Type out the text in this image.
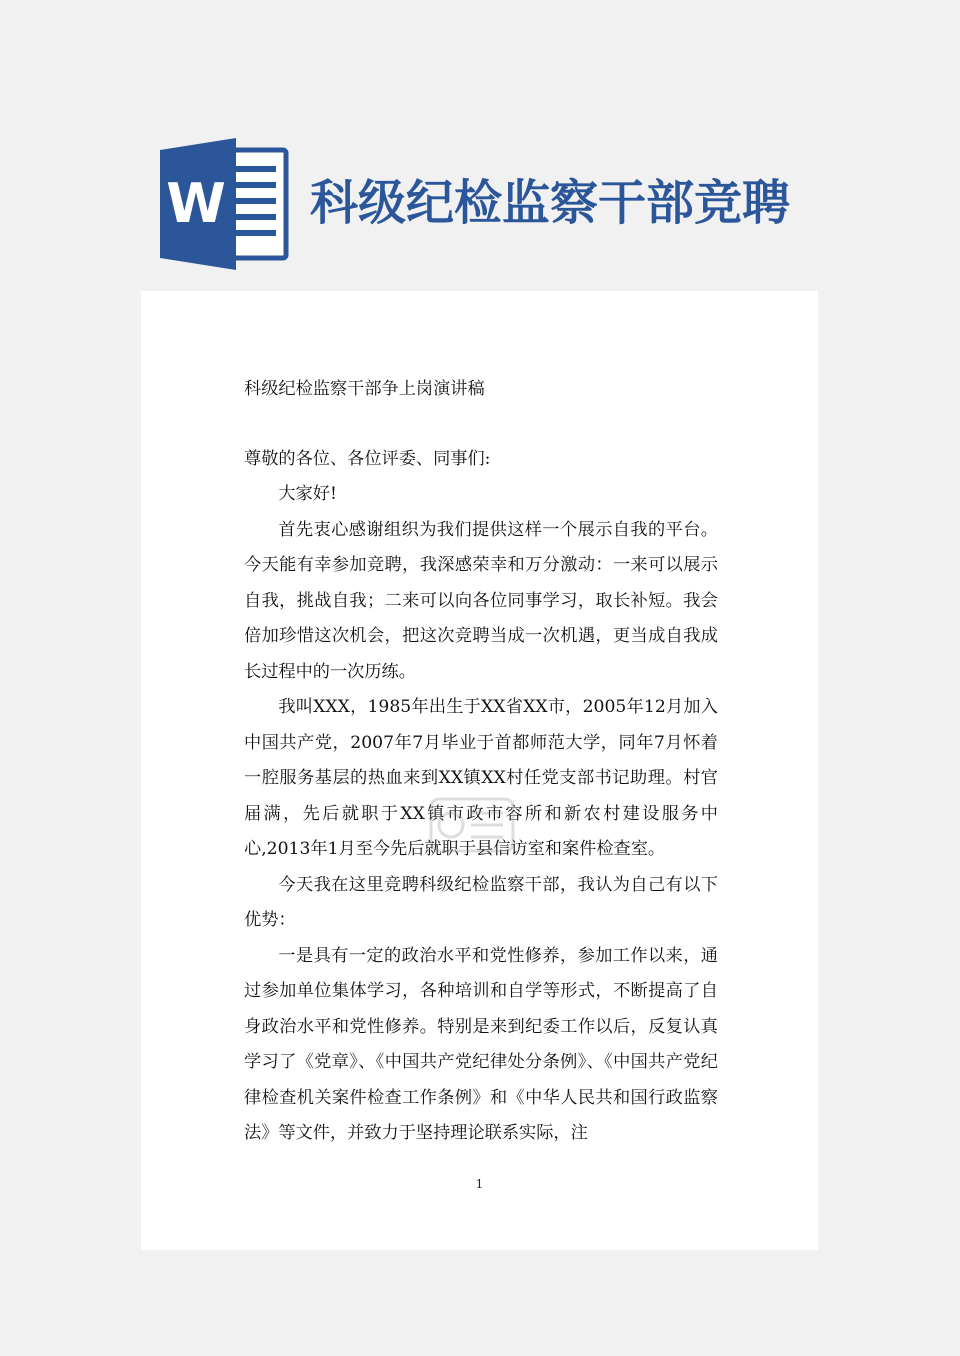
W 科级纪检监察干部竞聘

科级纪检监察干部争上岗演讲稿

尊敬的各位、各位评委、同事们:

大家好!

首先衷心感谢组织为我们提供这样一个展示自我的平台。今天能有幸参加竞聘，我深感荣幸和万分激动：一来可以展示自我，挑战自我；二来可以向各位同事学习，取长补短。我会倍加珍惜这次机会，把这次竞聘当成一次机遇，更当成自我成长过程中的一次历练。

我叫XXX，1985年出生于XX省XX市，2005年12月加入中国共产党，2007年7月毕业于首都师范大学，同年7月怀着一腔服务基层的热血来到XX镇XX村任党支部书记助理。村官届满，先后就职于XX镇市政市容所和新农村建设服务中心,2013年1月至今先后就职于县信访室和案件检查室。

今天我在这里竞聘科级纪检监察干部，我认为自己有以下优势：

一是具有一定的政治水平和党性修养，参加工作以来，通过参加单位集体学习，各种培训和自学等形式，不断提高了自身政治水平和党性修养。特别是来到纪委工作以后，反复认真学习了《党章》、《中国共产党纪律处分条例》、《中国共产党纪律检查机关案件检查工作条例》和《中华人民共和国行政监察法》等文件，并致力于坚持理论联系实际，注

1
